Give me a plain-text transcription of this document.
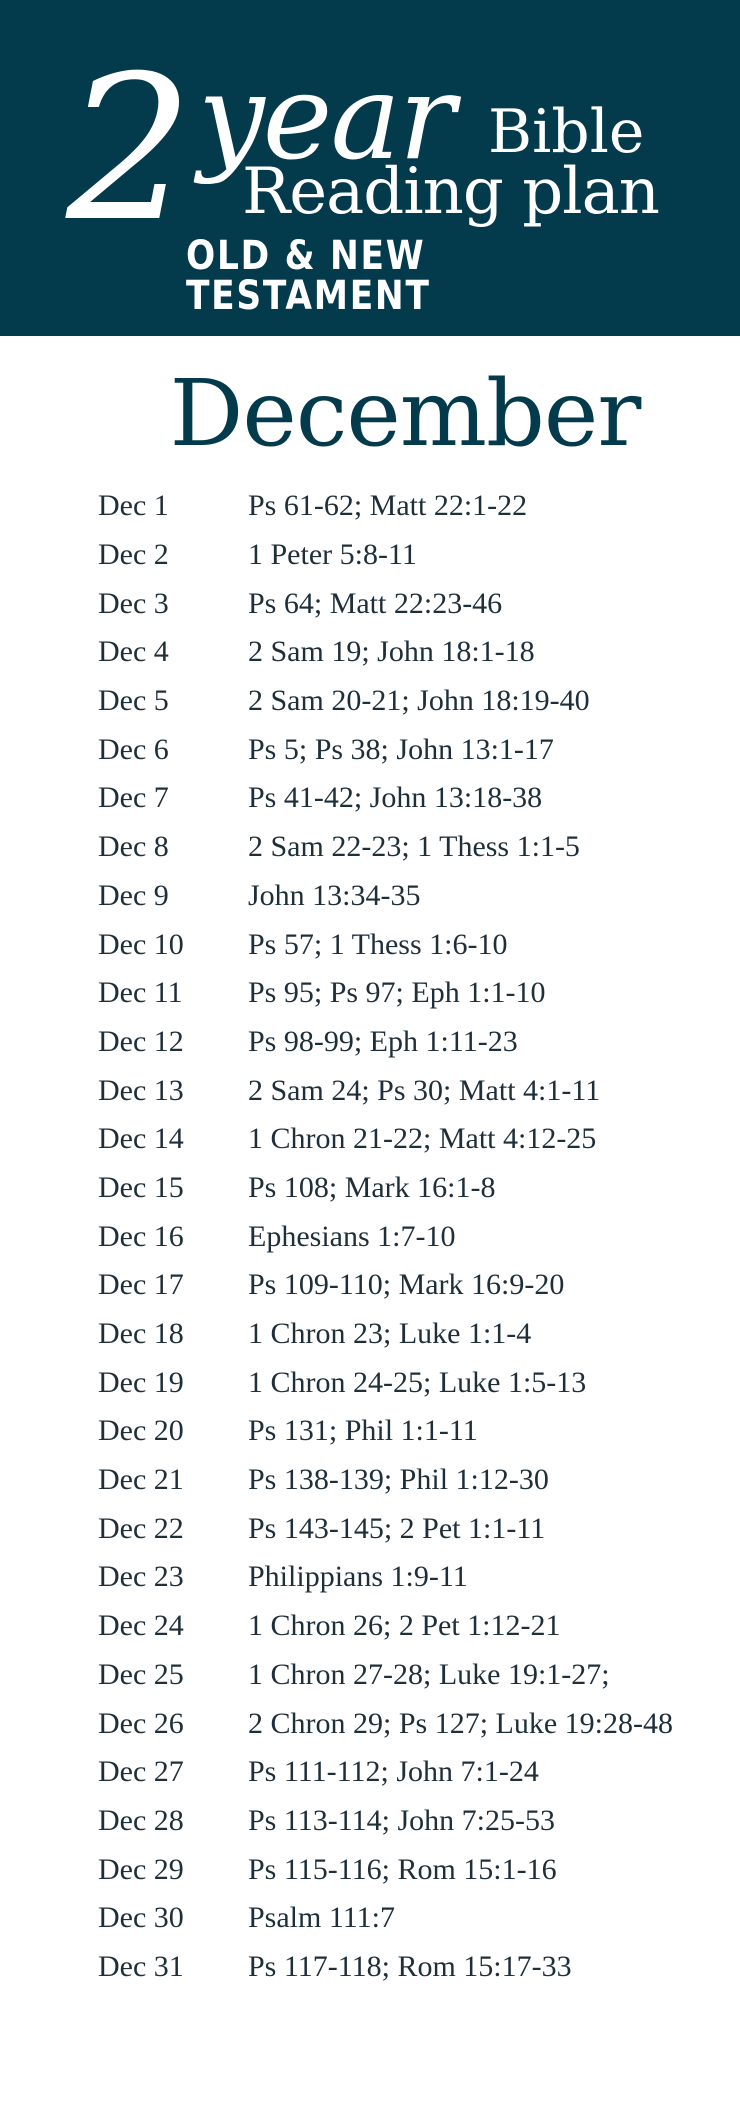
2 year Bible
Reading plan
OLD & NEW TESTAMENT
December
Dec 1	Ps 61-62; Matt 22:1-22
Dec 2	1 Peter 5:8-11
Dec 3	Ps 64; Matt 22:23-46
Dec 4	2 Sam 19; John 18:1-18
Dec 5	2 Sam 20-21; John 18:19-40
Dec 6	Ps 5; Ps 38; John 13:1-17
Dec 7	Ps 41-42; John 13:18-38
Dec 8	2 Sam 22-23; 1 Thess 1:1-5
Dec 9	John 13:34-35
Dec 10	Ps 57; 1 Thess 1:6-10
Dec 11	Ps 95; Ps 97; Eph 1:1-10
Dec 12	Ps 98-99; Eph 1:11-23
Dec 13	2 Sam 24; Ps 30; Matt 4:1-11
Dec 14	1 Chron 21-22; Matt 4:12-25
Dec 15	Ps 108; Mark 16:1-8
Dec 16	Ephesians 1:7-10
Dec 17	Ps 109-110; Mark 16:9-20
Dec 18	1 Chron 23; Luke 1:1-4
Dec 19	1 Chron 24-25; Luke 1:5-13
Dec 20	Ps 131; Phil 1:1-11
Dec 21	Ps 138-139; Phil 1:12-30
Dec 22	Ps 143-145; 2 Pet 1:1-11
Dec 23	Philippians 1:9-11
Dec 24	1 Chron 26; 2 Pet 1:12-21
Dec 25	1 Chron 27-28; Luke 19:1-27;
Dec 26	2 Chron 29; Ps 127; Luke 19:28-48
Dec 27	Ps 111-112; John 7:1-24
Dec 28	Ps 113-114; John 7:25-53
Dec 29	Ps 115-116; Rom 15:1-16
Dec 30	Psalm 111:7
Dec 31	Ps 117-118; Rom 15:17-33
